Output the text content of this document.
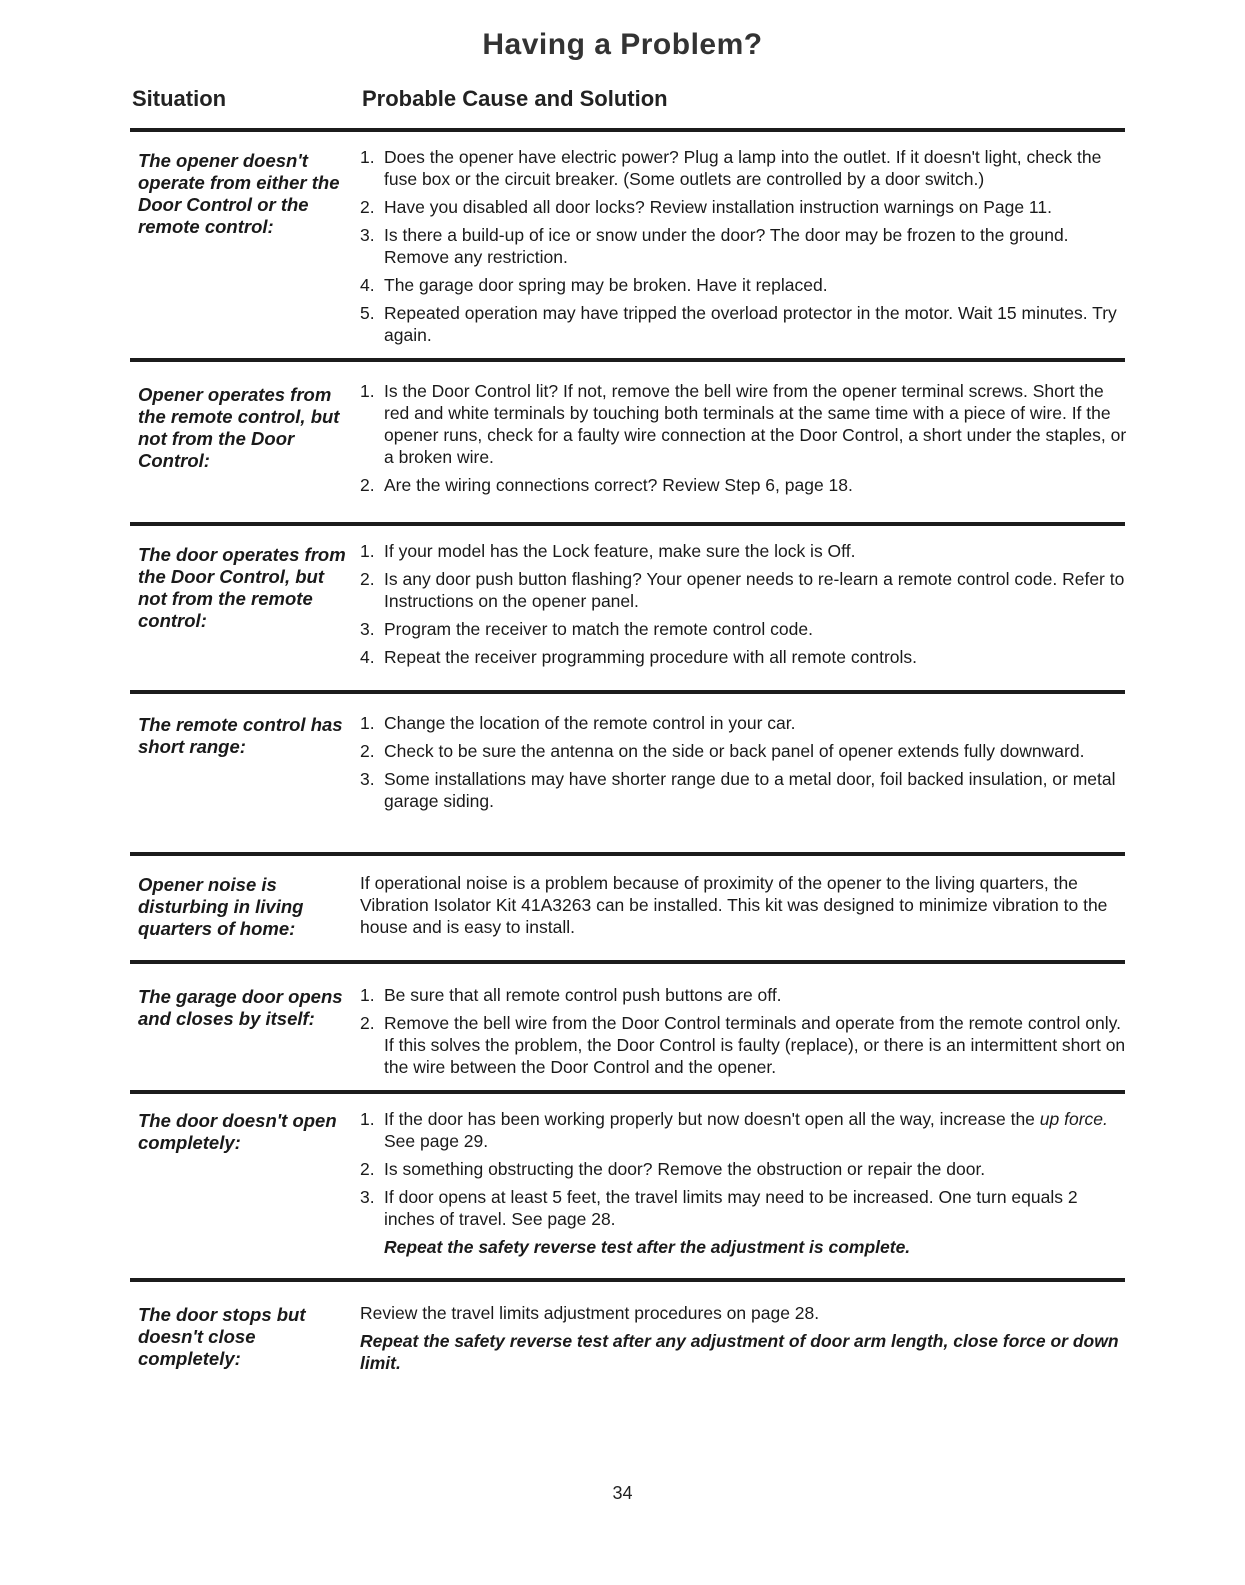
Having a Problem?
Situation	Probable Cause and Solution
The opener doesn't operate from either the Door Control or the remote control:
1. Does the opener have electric power? Plug a lamp into the outlet. If it doesn't light, check the fuse box or the circuit breaker. (Some outlets are controlled by a door switch.)
2. Have you disabled all door locks? Review installation instruction warnings on Page 11.
3. Is there a build-up of ice or snow under the door? The door may be frozen to the ground. Remove any restriction.
4. The garage door spring may be broken. Have it replaced.
5. Repeated operation may have tripped the overload protector in the motor. Wait 15 minutes. Try again.
Opener operates from the remote control, but not from the Door Control:
1. Is the Door Control lit? If not, remove the bell wire from the opener terminal screws. Short the red and white terminals by touching both terminals at the same time with a piece of wire. If the opener runs, check for a faulty wire connection at the Door Control, a short under the staples, or a broken wire.
2. Are the wiring connections correct? Review Step 6, page 18.
The door operates from the Door Control, but not from the remote control:
1. If your model has the Lock feature, make sure the lock is Off.
2. Is any door push button flashing? Your opener needs to re-learn a remote control code. Refer to Instructions on the opener panel.
3. Program the receiver to match the remote control code.
4. Repeat the receiver programming procedure with all remote controls.
The remote control has short range:
1. Change the location of the remote control in your car.
2. Check to be sure the antenna on the side or back panel of opener extends fully downward.
3. Some installations may have shorter range due to a metal door, foil backed insulation, or metal garage siding.
Opener noise is disturbing in living quarters of home:
If operational noise is a problem because of proximity of the opener to the living quarters, the Vibration Isolator Kit 41A3263 can be installed. This kit was designed to minimize vibration to the house and is easy to install.
The garage door opens and closes by itself:
1. Be sure that all remote control push buttons are off.
2. Remove the bell wire from the Door Control terminals and operate from the remote control only. If this solves the problem, the Door Control is faulty (replace), or there is an intermittent short on the wire between the Door Control and the opener.
The door doesn't open completely:
1. If the door has been working properly but now doesn't open all the way, increase the up force. See page 29.
2. Is something obstructing the door? Remove the obstruction or repair the door.
3. If door opens at least 5 feet, the travel limits may need to be increased. One turn equals 2 inches of travel. See page 28.
Repeat the safety reverse test after the adjustment is complete.
The door stops but doesn't close completely:
Review the travel limits adjustment procedures on page 28.
Repeat the safety reverse test after any adjustment of door arm length, close force or down limit.
34
